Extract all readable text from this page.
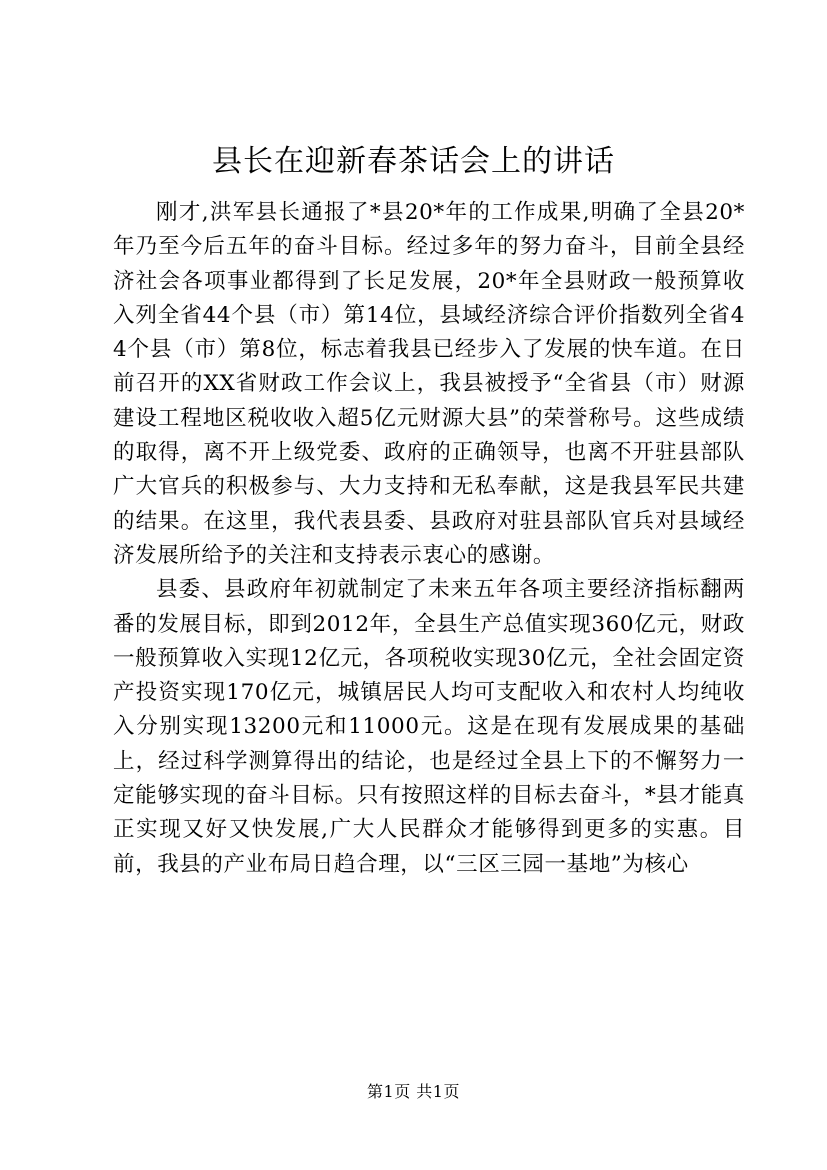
县长在迎新春茶话会上的讲话

刚才,洪军县长通报了*县20*年的工作成果,明确了全县20*年乃至今后五年的奋斗目标。经过多年的努力奋斗，目前全县经济社会各项事业都得到了长足发展，20*年全县财政一般预算收入列全省44个县（市）第14位，县域经济综合评价指数列全省44个县（市）第8位，标志着我县已经步入了发展的快车道。在日前召开的XX省财政工作会议上，我县被授予“全省县（市）财源建设工程地区税收收入超5亿元财源大县”的荣誉称号。这些成绩的取得，离不开上级党委、政府的正确领导，也离不开驻县部队广大官兵的积极参与、大力支持和无私奉献，这是我县军民共建的结果。在这里，我代表县委、县政府对驻县部队官兵对县域经济发展所给予的关注和支持表示衷心的感谢。

县委、县政府年初就制定了未来五年各项主要经济指标翻两番的发展目标，即到2012年，全县生产总值实现360亿元，财政一般预算收入实现12亿元，各项税收实现30亿元，全社会固定资产投资实现170亿元，城镇居民人均可支配收入和农村人均纯收入分别实现13200元和11000元。这是在现有发展成果的基础上，经过科学测算得出的结论，也是经过全县上下的不懈努力一定能够实现的奋斗目标。只有按照这样的目标去奋斗，*县才能真正实现又好又快发展,广大人民群众才能够得到更多的实惠。目前，我县的产业布局日趋合理，以“三区三园一基地”为核心

第1页 共1页
